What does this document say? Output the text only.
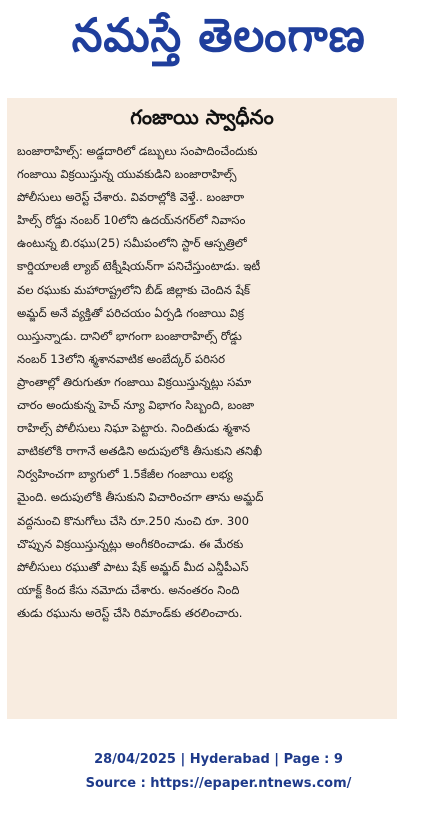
నమస్తే తెలంగాణ
గంజాయి స్వాధీనం
బంజారాహిల్స్‌: అడ్డదారిలో డబ్బులు సంపాదించేందుకు
గంజాయి విక్రయిస్తున్న యువకుడిని బంజారాహిల్స్‌
పోలీసులు అరెస్ట్‌ చేశారు. వివరాల్లోకి వెళ్తే.. బంజారా
హిల్స్‌ రోడ్డు నంబర్‌ 10లోని ఉదయ్‌నగర్‌లో నివాసం
ఉంటున్న బి.రఘు(25) సమీపంలోని స్టార్‌ ఆస్పత్రిలో
కార్డియాలజీ ల్యాబ్‌ టెక్నీషియన్‌గా పనిచేస్తుంటాడు. ఇటీ
వల రఘుకు మహారాష్ట్రలోని బీడ్‌ జిల్లాకు చెందిన షేక్‌
అమ్జద్‌ అనే వ్యక్తితో పరిచయం ఏర్పడి గంజాయి విక్ర
యిస్తున్నాడు. దానిలో భాగంగా బంజారాహిల్స్‌ రోడ్డు
నంబర్‌ 13లోని శ్మశానవాటిక అంబేద్కర్‌ పరిసర
ప్రాంతాల్లో తిరుగుతూ గంజాయి విక్రయిస్తున్నట్లు సమా
చారం అందుకున్న హెచ్‌ న్యూ విభాగం సిబ్బంది, బంజా
రాహిల్స్‌ పోలీసులు నిఘా పెట్టారు. నిందితుడు శ్మశాన
వాటికలోకి రాగానే అతడిని అదుపులోకి తీసుకుని తనిఖీ
నిర్వహించగా బ్యాగులో 1.5కేజీల గంజాయి లభ్య
మైంది. అదుపులోకి తీసుకుని విచారించగా తాను అమ్జద్‌
వద్దనుంచి కొనుగోలు చేసి రూ.250 నుంచి రూ. 300
చొప్పున విక్రయిస్తున్నట్లు అంగీకరించాడు. ఈ మేరకు
పోలీసులు రఘుతో పాటు షేక్‌ అమ్జద్‌ మీద ఎన్డీపీఎస్‌
యాక్ట్‌ కింద కేసు నమోదు చేశారు. అనంతరం నింది
తుడు రఘును అరెస్ట్‌ చేసి రిమాండ్‌కు తరలించారు.
28/04/2025 | Hyderabad | Page : 9
Source : https://epaper.ntnews.com/
